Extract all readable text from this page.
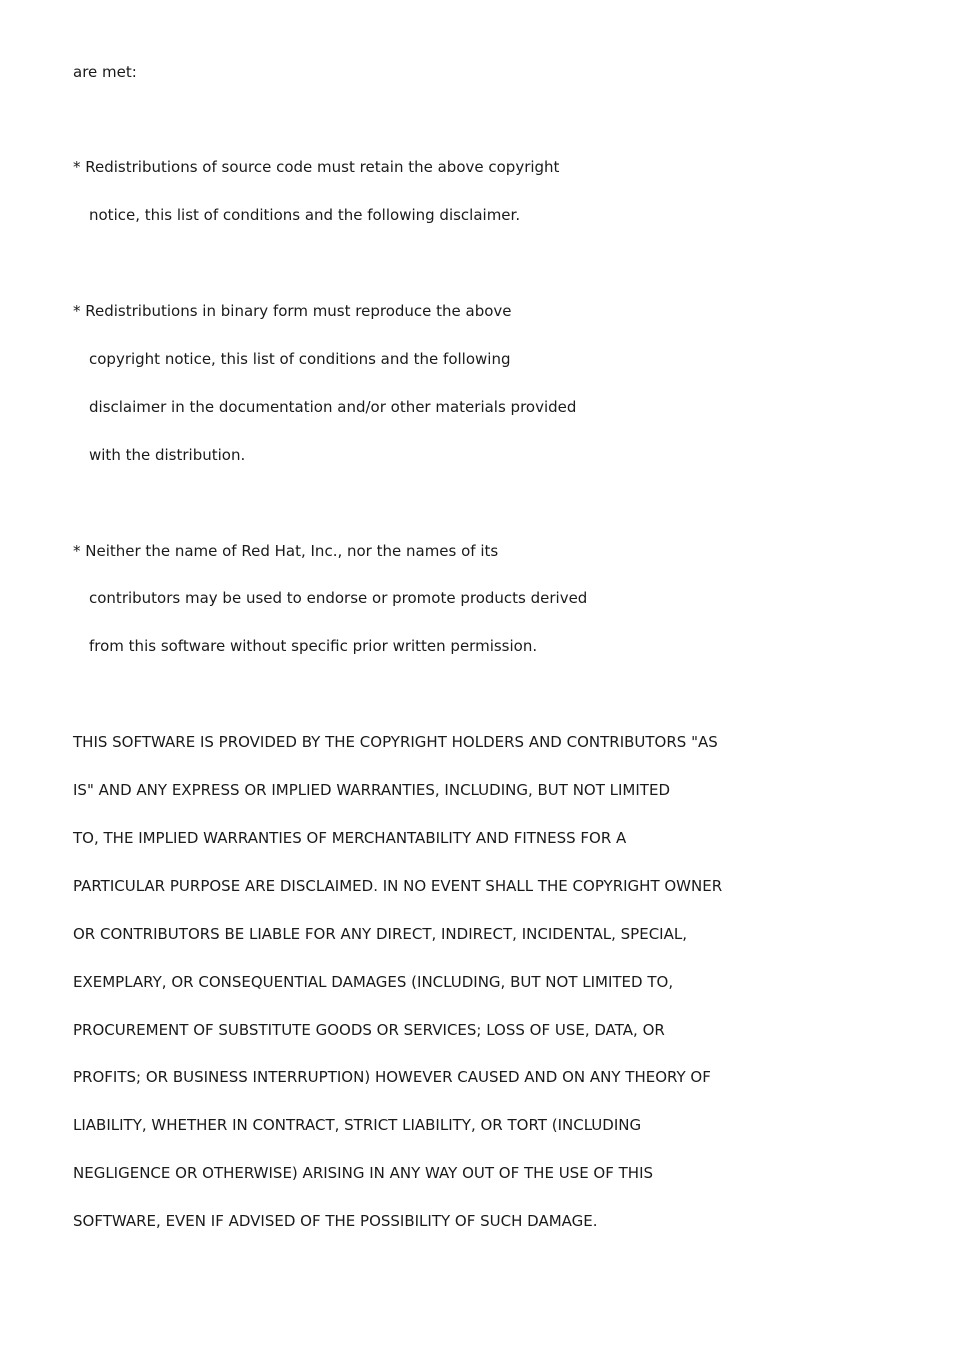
are met:

* Redistributions of source code must retain the above copyright

notice, this list of conditions and the following disclaimer.

* Redistributions in binary form must reproduce the above

copyright notice, this list of conditions and the following

disclaimer in the documentation and/or other materials provided

with the distribution.

* Neither the name of Red Hat, Inc., nor the names of its

contributors may be used to endorse or promote products derived

from this software without specific prior written permission.

THIS SOFTWARE IS PROVIDED BY THE COPYRIGHT HOLDERS AND CONTRIBUTORS "AS

IS" AND ANY EXPRESS OR IMPLIED WARRANTIES, INCLUDING, BUT NOT LIMITED

TO, THE IMPLIED WARRANTIES OF MERCHANTABILITY AND FITNESS FOR A

PARTICULAR PURPOSE ARE DISCLAIMED. IN NO EVENT SHALL THE COPYRIGHT OWNER

OR CONTRIBUTORS BE LIABLE FOR ANY DIRECT, INDIRECT, INCIDENTAL, SPECIAL,

EXEMPLARY, OR CONSEQUENTIAL DAMAGES (INCLUDING, BUT NOT LIMITED TO,

PROCUREMENT OF SUBSTITUTE GOODS OR SERVICES; LOSS OF USE, DATA, OR

PROFITS; OR BUSINESS INTERRUPTION) HOWEVER CAUSED AND ON ANY THEORY OF

LIABILITY, WHETHER IN CONTRACT, STRICT LIABILITY, OR TORT (INCLUDING

NEGLIGENCE OR OTHERWISE) ARISING IN ANY WAY OUT OF THE USE OF THIS

SOFTWARE, EVEN IF ADVISED OF THE POSSIBILITY OF SUCH DAMAGE.
